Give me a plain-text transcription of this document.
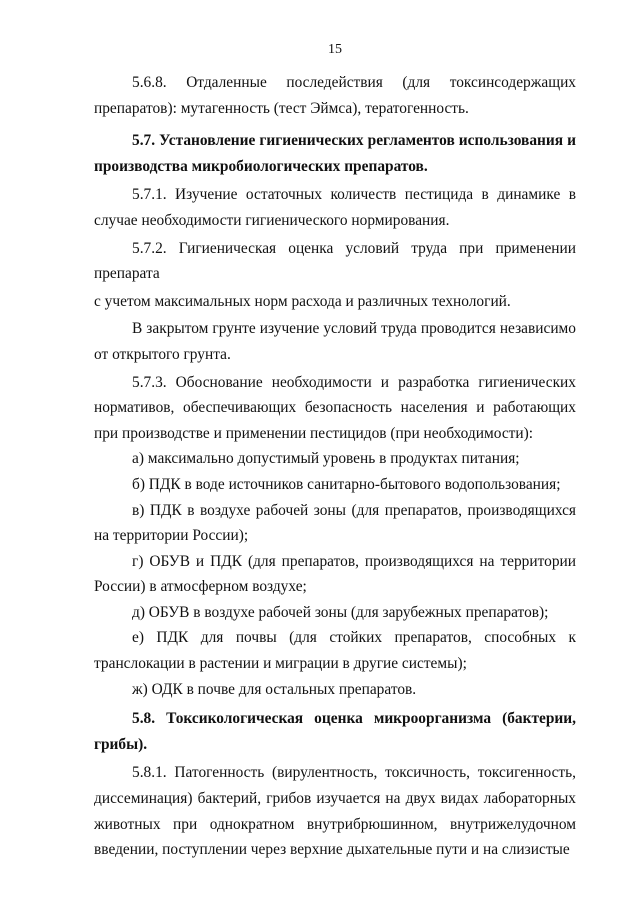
15

5.6.8. Отдаленные последействия (для токсинсодержащих препаратов): мутагенность (тест Эймса), тератогенность.

5.7. Установление гигиенических регламентов использования и производства микробиологических препаратов.

5.7.1. Изучение остаточных количеств пестицида в динамике в случае необходимости гигиенического нормирования.

5.7.2. Гигиеническая оценка условий труда при применении препарата

с учетом максимальных норм расхода и различных технологий.

В закрытом грунте изучение условий труда проводится независимо от открытого грунта.

5.7.3. Обоснование необходимости и разработка гигиенических нормативов, обеспечивающих безопасность населения и работающих при производстве и применении пестицидов (при необходимости):

а) максимально допустимый уровень в продуктах питания;

б) ПДК в воде источников санитарно-бытового водопользования;

в) ПДК в воздухе рабочей зоны (для препаратов, производящихся на территории России);

г) ОБУВ и ПДК (для препаратов, производящихся на территории России) в атмосферном воздухе;

д) ОБУВ в воздухе рабочей зоны (для зарубежных препаратов);

е) ПДК для почвы (для стойких препаратов, способных к транслокации в растении и миграции в другие системы);

ж) ОДК в почве для остальных препаратов.

5.8. Токсикологическая оценка микроорганизма (бактерии, грибы).

5.8.1. Патогенность (вирулентность, токсичность, токсигенность, диссеминация) бактерий, грибов изучается на двух видах лабораторных животных при однократном внутрибрюшинном, внутрижелудочном введении, поступлении через верхние дыхательные пути и на слизистые
